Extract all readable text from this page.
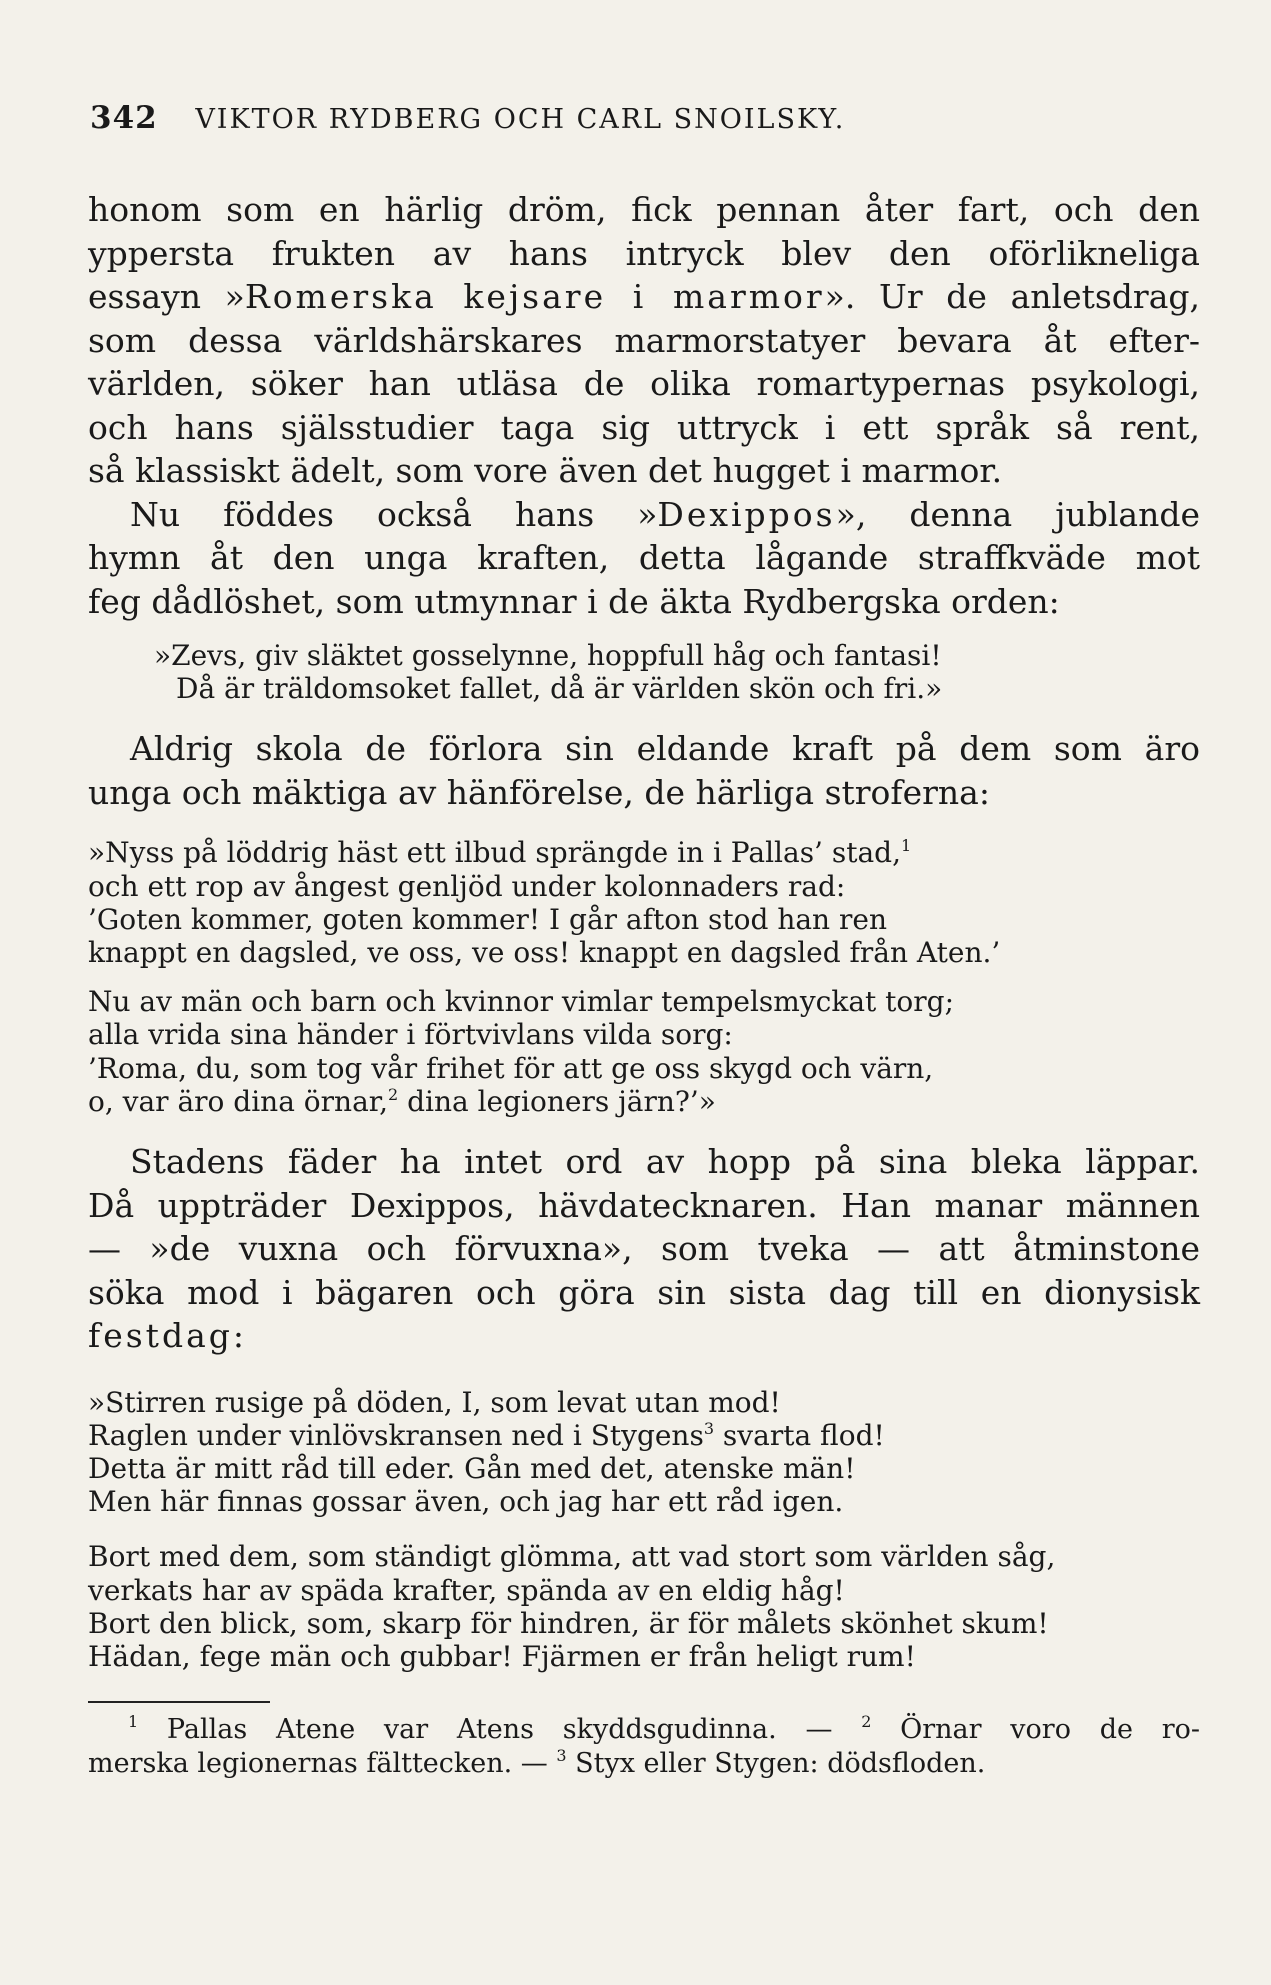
342 VIKTOR RYDBERG OCH CARL SNOILSKY.
honom som en härlig dröm, fick pennan åter fart, och den
yppersta frukten av hans intryck blev den oförlikneliga
essayn »Romerska kejsare i marmor». Ur de anletsdrag,
som dessa världshärskares marmorstatyer bevara åt efter-
världen, söker han utläsa de olika romartypernas psykologi,
och hans själsstudier taga sig uttryck i ett språk så rent,
så klassiskt ädelt, som vore även det hugget i marmor.
Nu föddes också hans »Dexippos», denna jublande
hymn åt den unga kraften, detta lågande straffkväde mot
feg dådlöshet, som utmynnar i de äkta Rydbergska orden:
»Zevs, giv släktet gosselynne, hoppfull håg och fantasi!
Då är träldomsoket fallet, då är världen skön och fri.»
Aldrig skola de förlora sin eldande kraft på dem som äro
unga och mäktiga av hänförelse, de härliga stroferna:
»Nyss på löddrig häst ett ilbud sprängde in i Pallas’ stad,$^1$
och ett rop av ångest genljöd under kolonnaders rad:
’Goten kommer, goten kommer! I går afton stod han ren
knappt en dagsled, ve oss, ve oss! knappt en dagsled från Aten.’
Nu av män och barn och kvinnor vimlar tempelsmyckat torg;
alla vrida sina händer i förtvivlans vilda sorg:
’Roma, du, som tog vår frihet för att ge oss skygd och värn,
o, var äro dina örnar,$^2$ dina legioners järn?’»
Stadens fäder ha intet ord av hopp på sina bleka läppar.
Då uppträder Dexippos, hävdatecknaren. Han manar männen
— »de vuxna och förvuxna», som tveka — att åtminstone
söka mod i bägaren och göra sin sista dag till en dionysisk
festdag:
»Stirren rusige på döden, I, som levat utan mod!
Raglen under vinlövskransen ned i Stygens$^3$ svarta flod!
Detta är mitt råd till eder. Gån med det, atenske män!
Men här finnas gossar även, och jag har ett råd igen.
Bort med dem, som ständigt glömma, att vad stort som världen såg,
verkats har av späda krafter, spända av en eldig håg!
Bort den blick, som, skarp för hindren, är för målets skönhet skum!
Hädan, fege män och gubbar! Fjärmen er från heligt rum!
$^1$ Pallas Atene var Atens skyddsgudinna. — $^2$ Örnar voro de ro-
merska legionernas fälttecken. — $^3$ Styx eller Stygen: dödsfloden.
